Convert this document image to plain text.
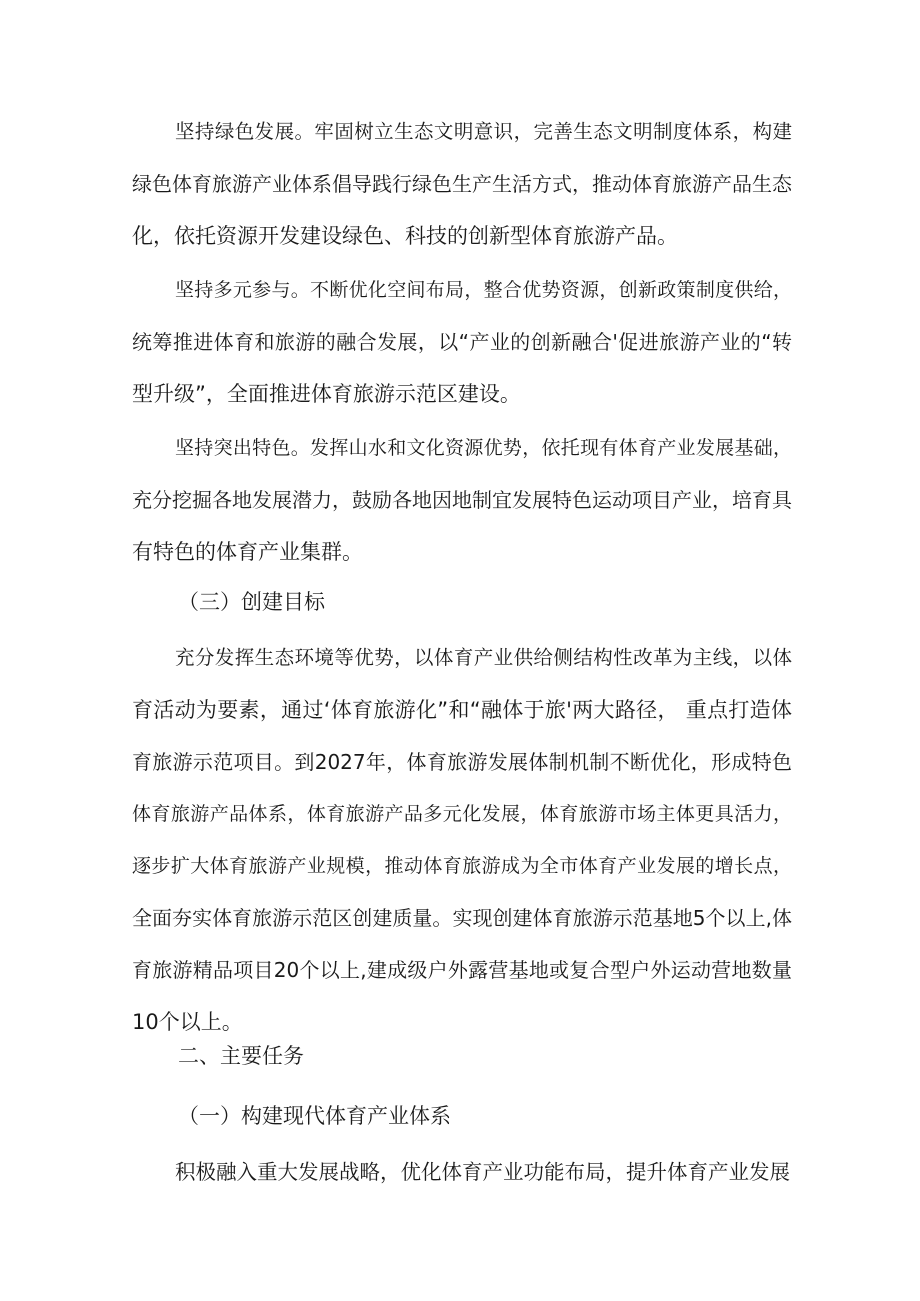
坚持绿色发展。牢固树立生态文明意识，完善生态文明制度体系，构建
绿色体育旅游产业体系倡导践行绿色生产生活方式，推动体育旅游产品生态
化，依托资源开发建设绿色、科技的创新型体育旅游产品。
坚持多元参与。不断优化空间布局，整合优势资源，创新政策制度供给，
统筹推进体育和旅游的融合发展，以“产业的创新融合'促进旅游产业的“转
型升级”，全面推进体育旅游示范区建设。
坚持突出特色。发挥山水和文化资源优势，依托现有体育产业发展基础，
充分挖掘各地发展潜力，鼓励各地因地制宜发展特色运动项目产业，培育具
有特色的体育产业集群。
（三）创建目标
充分发挥生态环境等优势，以体育产业供给侧结构性改革为主线，以体
育活动为要素，通过‘体育旅游化”和“融体于旅'两大路径， 重点打造体
育旅游示范项目。到2027年，体育旅游发展体制机制不断优化，形成特色
体育旅游产品体系，体育旅游产品多元化发展，体育旅游市场主体更具活力，
逐步扩大体育旅游产业规模，推动体育旅游成为全市体育产业发展的增长点，
全面夯实体育旅游示范区创建质量。实现创建体育旅游示范基地5个以上,体
育旅游精品项目20个以上,建成级户外露营基地或复合型户外运动营地数量
10个以上。
二、主要任务
（一）构建现代体育产业体系
积极融入重大发展战略，优化体育产业功能布局，提升体育产业发展
